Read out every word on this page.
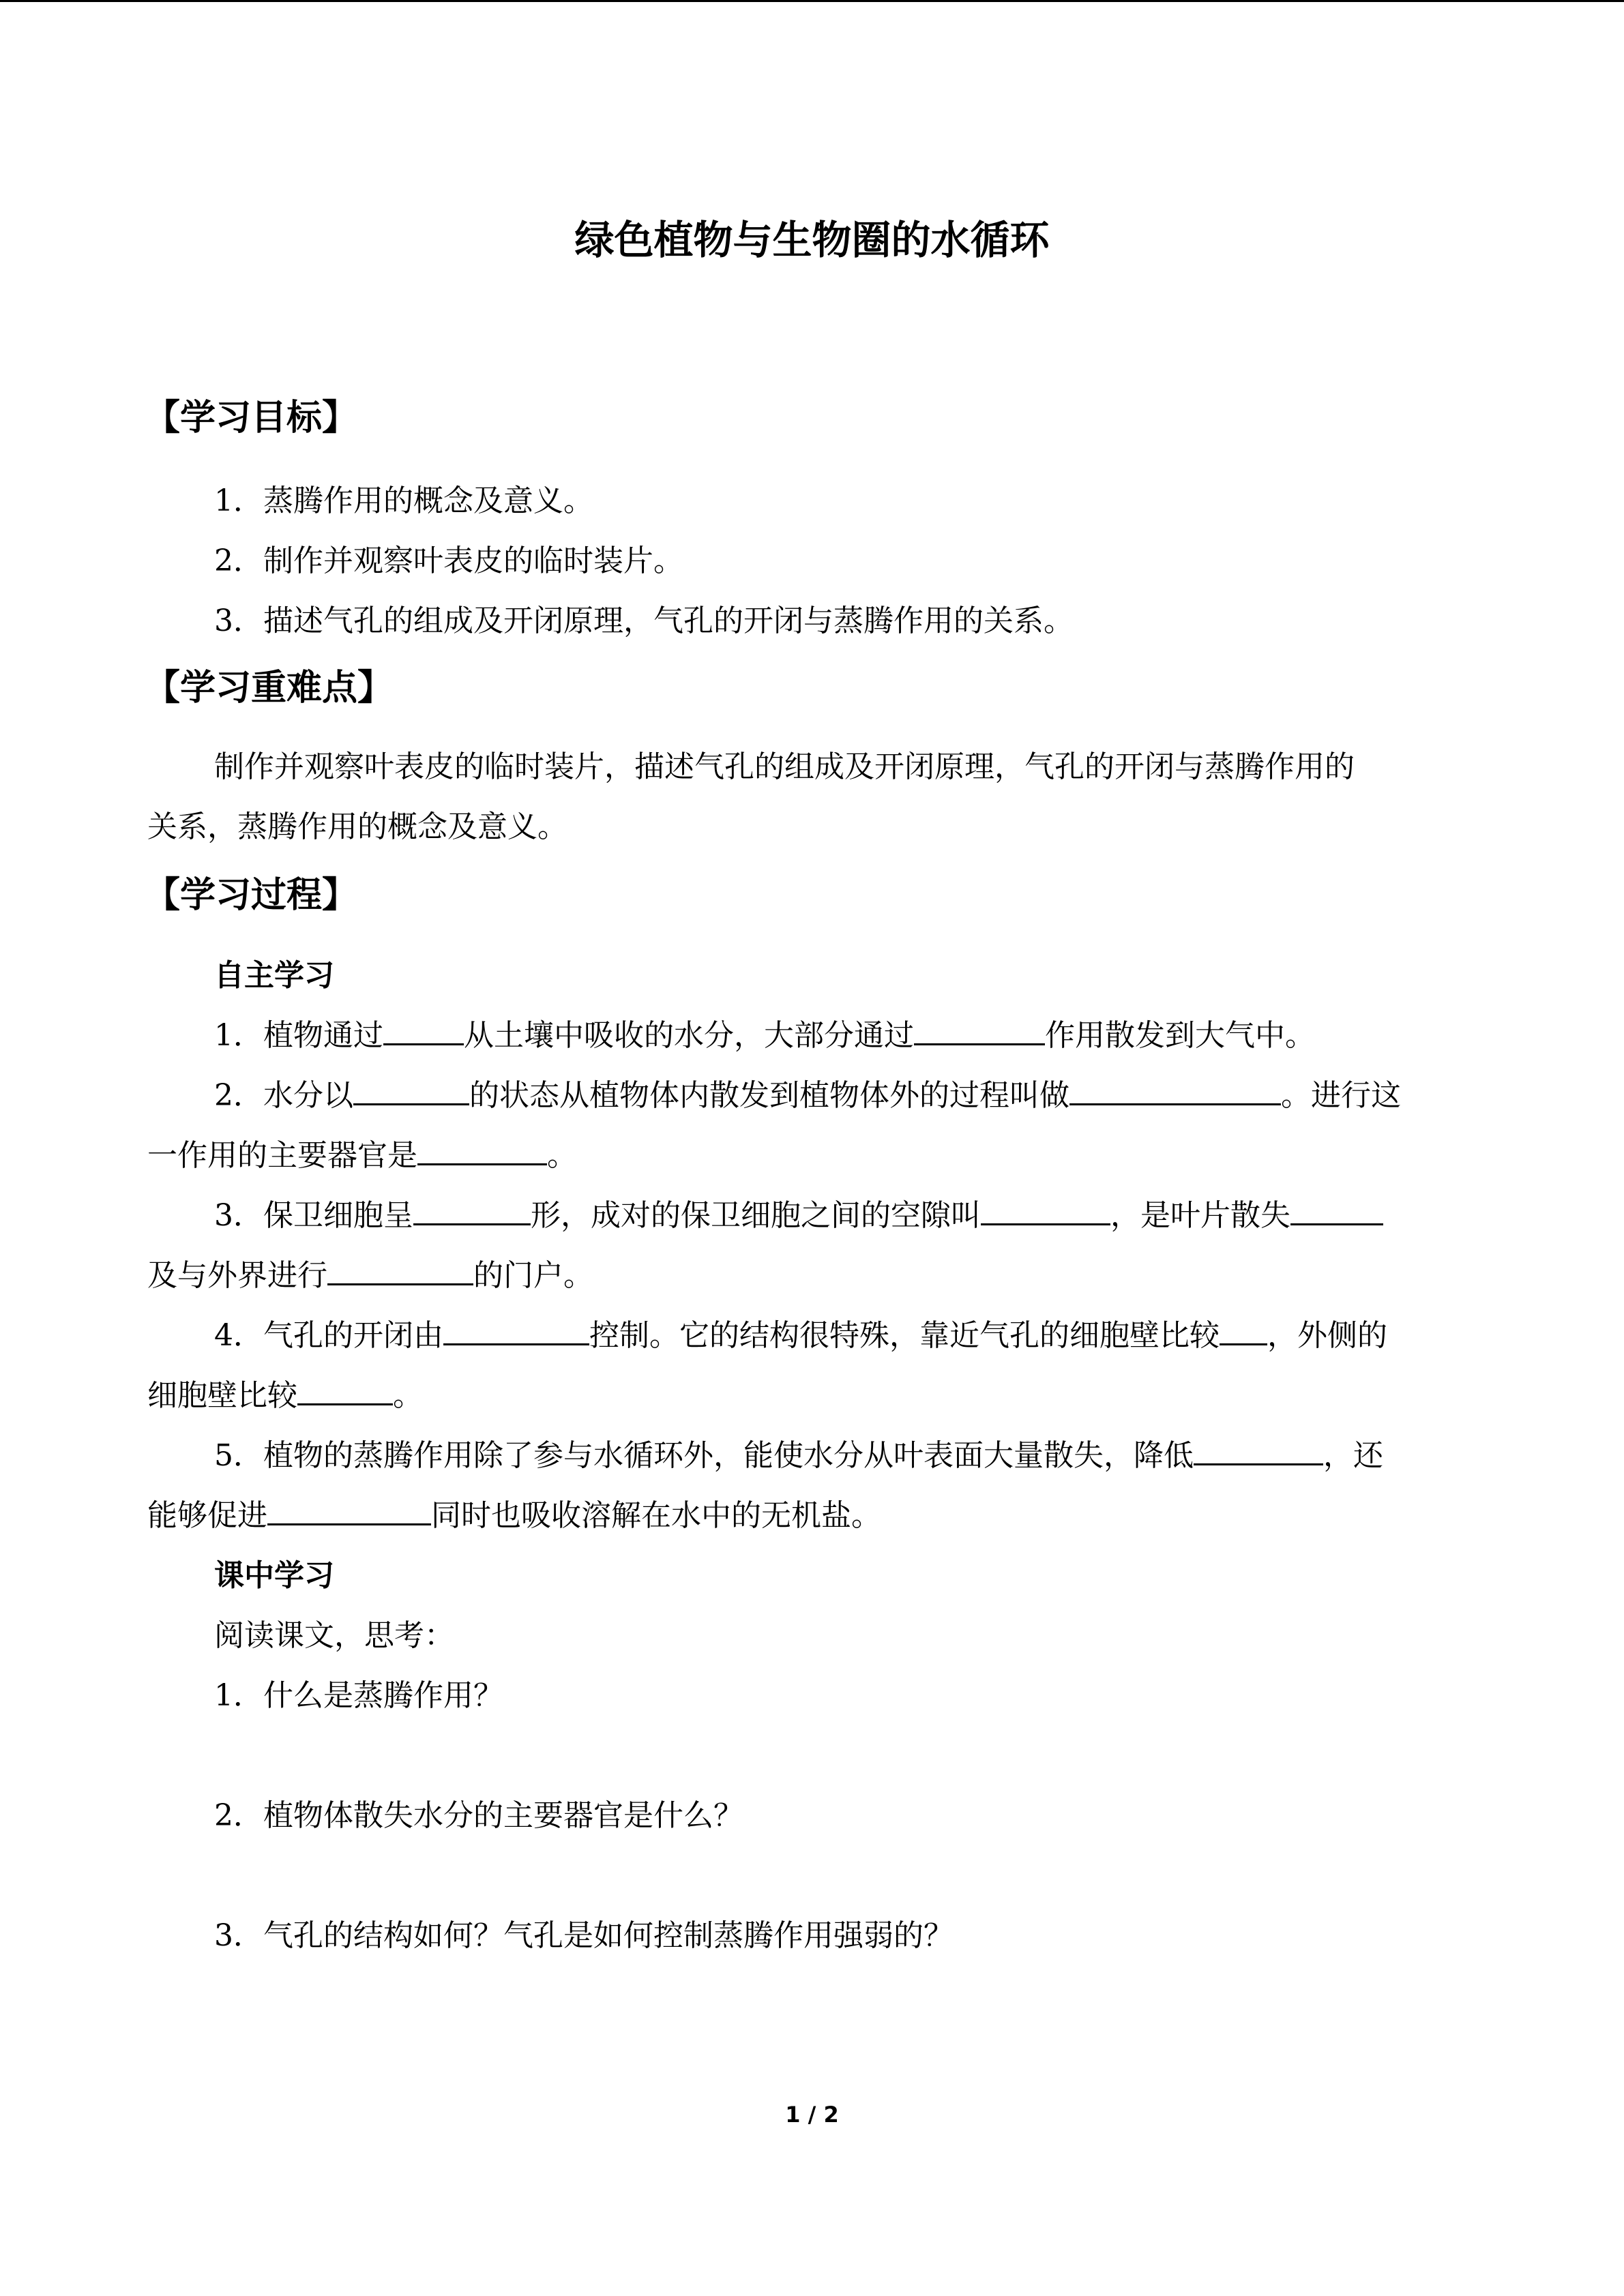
绿色植物与生物圈的水循环
【学习目标】
1．蒸腾作用的概念及意义。
2．制作并观察叶表皮的临时装片。
3．描述气孔的组成及开闭原理，气孔的开闭与蒸腾作用的关系。
【学习重难点】
制作并观察叶表皮的临时装片，描述气孔的组成及开闭原理，气孔的开闭与蒸腾作用的
关系，蒸腾作用的概念及意义。
【学习过程】
自主学习
1．植物通过	从土壤中吸收的水分，大部分通过	作用散发到大气中。
2．水分以	的状态从植物体内散发到植物体外的过程叫做	。进行这
一作用的主要器官是	。
3．保卫细胞呈	形，成对的保卫细胞之间的空隙叫	，是叶片散失
及与外界进行	的门户。
4．气孔的开闭由	控制。它的结构很特殊，靠近气孔的细胞壁比较 ，外侧的
细胞壁比较	。
5．植物的蒸腾作用除了参与水循环外，能使水分从叶表面大量散失，降低	，还
能够促进	同时也吸收溶解在水中的无机盐。
课中学习
阅读课文，思考：
1．什么是蒸腾作用？
2．植物体散失水分的主要器官是什么？
3．气孔的结构如何？气孔是如何控制蒸腾作用强弱的？
1 / 2
